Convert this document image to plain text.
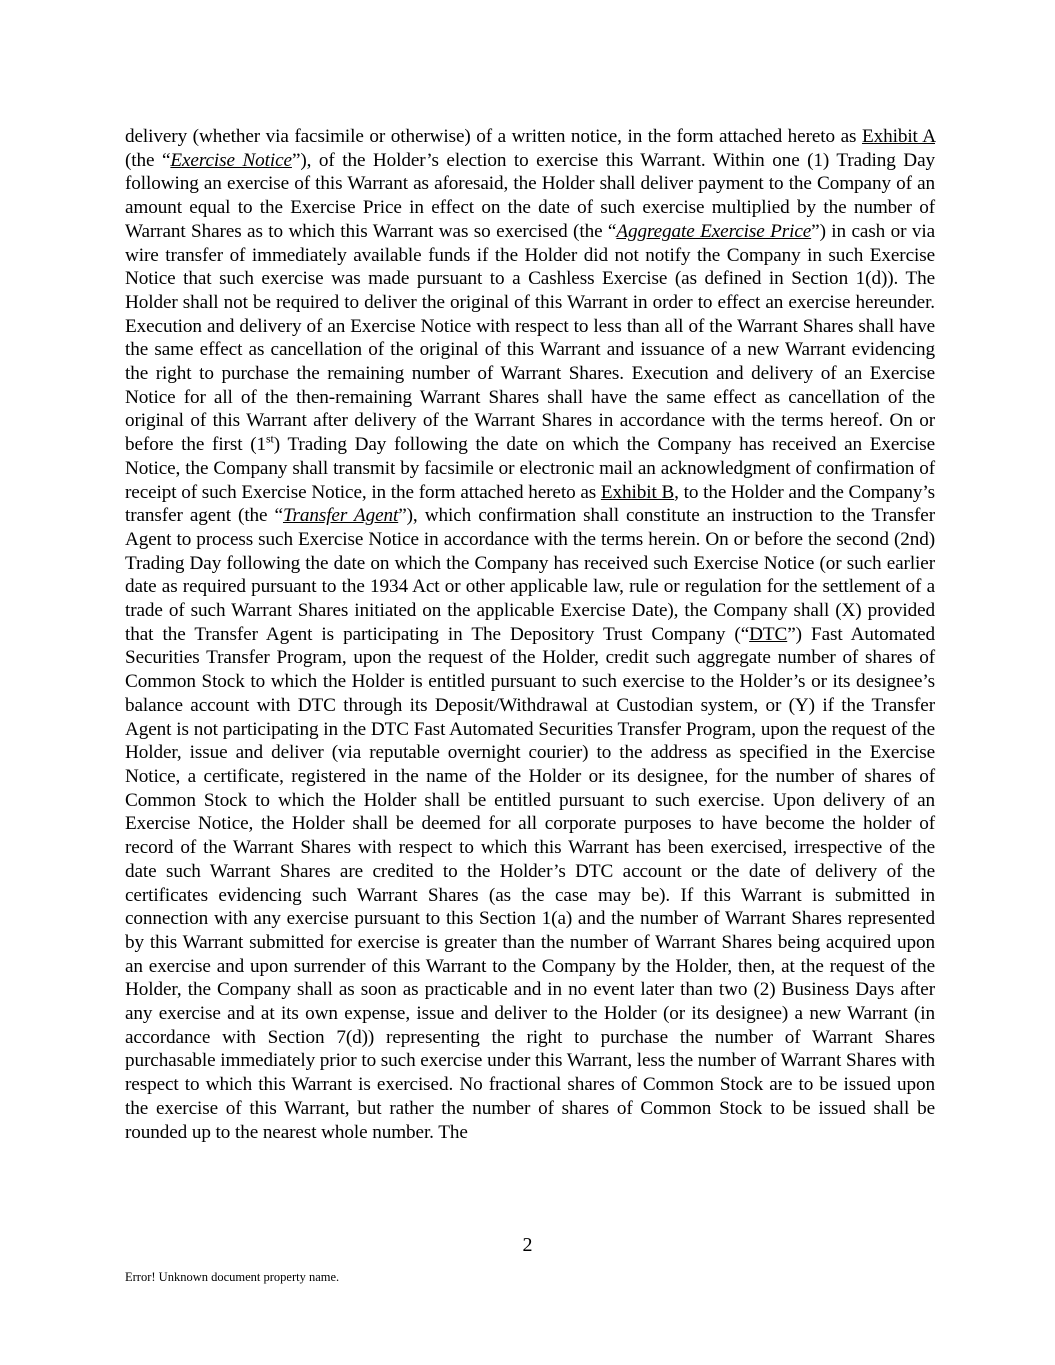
delivery (whether via facsimile or otherwise) of a written notice, in the form attached hereto as Exhibit A (the “Exercise Notice”), of the Holder’s election to exercise this Warrant. Within one (1) Trading Day following an exercise of this Warrant as aforesaid, the Holder shall deliver payment to the Company of an amount equal to the Exercise Price in effect on the date of such exercise multiplied by the number of Warrant Shares as to which this Warrant was so exercised (the “Aggregate Exercise Price”) in cash or via wire transfer of immediately available funds if the Holder did not notify the Company in such Exercise Notice that such exercise was made pursuant to a Cashless Exercise (as defined in Section 1(d)). The Holder shall not be required to deliver the original of this Warrant in order to effect an exercise hereunder. Execution and delivery of an Exercise Notice with respect to less than all of the Warrant Shares shall have the same effect as cancellation of the original of this Warrant and issuance of a new Warrant evidencing the right to purchase the remaining number of Warrant Shares. Execution and delivery of an Exercise Notice for all of the then-remaining Warrant Shares shall have the same effect as cancellation of the original of this Warrant after delivery of the Warrant Shares in accordance with the terms hereof. On or before the first (1st) Trading Day following the date on which the Company has received an Exercise Notice, the Company shall transmit by facsimile or electronic mail an acknowledgment of confirmation of receipt of such Exercise Notice, in the form attached hereto as Exhibit B, to the Holder and the Company’s transfer agent (the “Transfer Agent”), which confirmation shall constitute an instruction to the Transfer Agent to process such Exercise Notice in accordance with the terms herein. On or before the second (2nd) Trading Day following the date on which the Company has received such Exercise Notice (or such earlier date as required pursuant to the 1934 Act or other applicable law, rule or regulation for the settlement of a trade of such Warrant Shares initiated on the applicable Exercise Date), the Company shall (X) provided that the Transfer Agent is participating in The Depository Trust Company (“DTC”) Fast Automated Securities Transfer Program, upon the request of the Holder, credit such aggregate number of shares of Common Stock to which the Holder is entitled pursuant to such exercise to the Holder’s or its designee’s balance account with DTC through its Deposit/Withdrawal at Custodian system, or (Y) if the Transfer Agent is not participating in the DTC Fast Automated Securities Transfer Program, upon the request of the Holder, issue and deliver (via reputable overnight courier) to the address as specified in the Exercise Notice, a certificate, registered in the name of the Holder or its designee, for the number of shares of Common Stock to which the Holder shall be entitled pursuant to such exercise. Upon delivery of an Exercise Notice, the Holder shall be deemed for all corporate purposes to have become the holder of record of the Warrant Shares with respect to which this Warrant has been exercised, irrespective of the date such Warrant Shares are credited to the Holder’s DTC account or the date of delivery of the certificates evidencing such Warrant Shares (as the case may be). If this Warrant is submitted in connection with any exercise pursuant to this Section 1(a) and the number of Warrant Shares represented by this Warrant submitted for exercise is greater than the number of Warrant Shares being acquired upon an exercise and upon surrender of this Warrant to the Company by the Holder, then, at the request of the Holder, the Company shall as soon as practicable and in no event later than two (2) Business Days after any exercise and at its own expense, issue and deliver to the Holder (or its designee) a new Warrant (in accordance with Section 7(d)) representing the right to purchase the number of Warrant Shares purchasable immediately prior to such exercise under this Warrant, less the number of Warrant Shares with respect to which this Warrant is exercised. No fractional shares of Common Stock are to be issued upon the exercise of this Warrant, but rather the number of shares of Common Stock to be issued shall be rounded up to the nearest whole number. The

2

Error! Unknown document property name.
